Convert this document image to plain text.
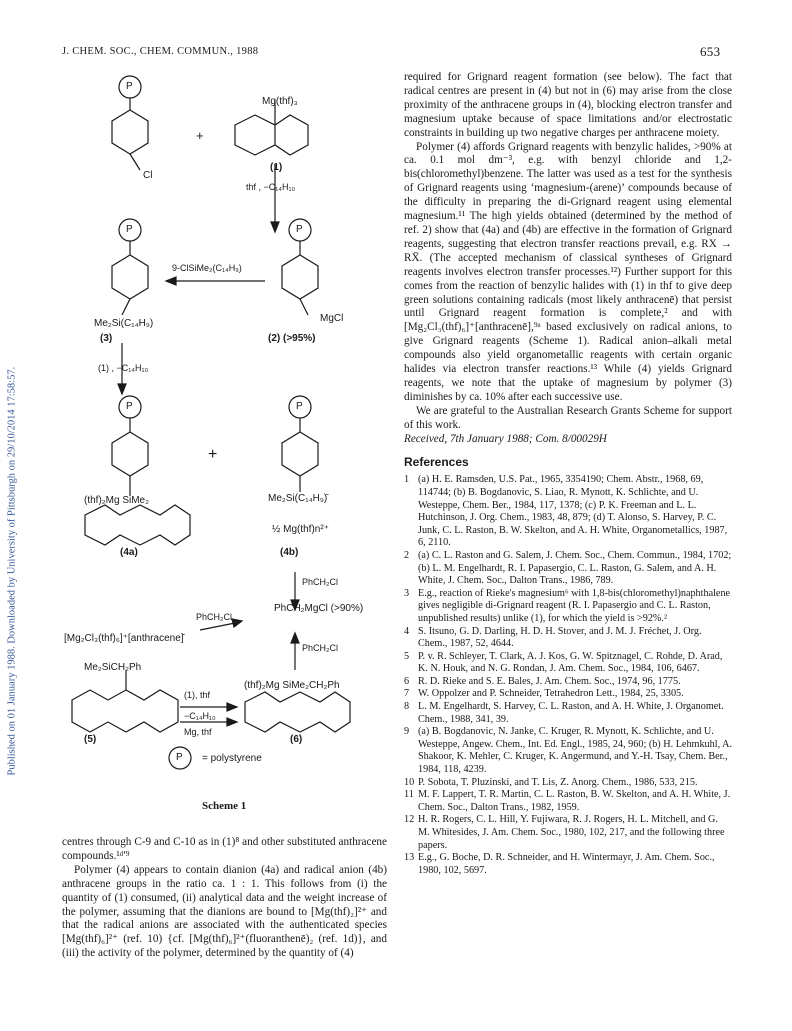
J. CHEM. SOC., CHEM. COMMUN., 1988	653
Published on 01 January 1988. Downloaded by University of Pittsburgh on 29/10/2014 17:58:57.
P
Mg(thf)₃
+
(1)
Cl
thf , −C₁₄H₁₀
P	P
9-ClSiMe₂(C₁₄H₉)
MgCl
Me₂Si(C₁₄H₉)
(3)	(2) (>95%)
(1) , −C₁₄H₁₀
P	P
+
(thf)₂Mg SiMe₂	Me₂Si(C₁₄H₉)̄
½ Mg(thf)n²⁺
(4a)	(4b)
PhCH₂Cl
PhCH₂Cl
PhCH₂MgCl (>90%)
[Mg₂Cl₃(thf)₆]⁺[anthracene]̄
PhCH₂Cl
Me₂SiCH₂Ph
(1), thf
−C₁₄H₁₀
Mg, thf
(thf)₂Mg SiMe₂CH₂Ph
(5)	(6)
P = polystyrene
Scheme 1

centres through C-9 and C-10 as in (1)⁸ and other substituted anthracene compounds.¹ᵈʹ⁹

Polymer (4) appears to contain dianion (4a) and radical anion (4b) anthracene groups in the ratio ca. 1 : 1. This follows from (i) the quantity of (1) consumed, (ii) analytical data and the weight increase of the polymer, assuming that the dianions are bound to [Mg(thf)₂]²⁺ and that the radical anions are associated with the authenticated species [Mg(thf)₆]²⁺ (ref. 10) {cf. [Mg(thf)₆]²⁺(fluoranthenē)₂ (ref. 1d)}, and (iii) the activity of the polymer, determined by the quantity of (4)

required for Grignard reagent formation (see below). The fact that radical centres are present in (4) but not in (6) may arise from the close proximity of the anthracene groups in (4), blocking electron transfer and magnesium uptake because of space limitations and/or electrostatic constraints in building up two negative charges per anthracene moiety.

Polymer (4) affords Grignard reagents with benzylic halides, >90% at ca. 0.1 mol dm⁻³, e.g. with benzyl chloride and 1,2-bis(chloromethyl)benzene. The latter was used as a test for the synthesis of Grignard reagents using ‘magnesium-(arene)’ compounds because of the difficulty in preparing the di-Grignard reagent using elemental magnesium.¹¹ The high yields obtained (determined by the method of ref. 2) show that (4a) and (4b) are effective in the formation of Grignard reagents, suggesting that electron transfer reactions prevail, e.g. RX → RX̄. (The accepted mechanism of classical syntheses of Grignard reagents involves electron transfer processes.¹²) Further support for this comes from the reaction of benzylic halides with (1) in thf to give deep green solutions containing radicals (most likely anthracenē) that persist until Grignard reagent formation is complete,² and with [Mg₂Cl₃(thf)₆]⁺[anthracenē],⁹ᵃ based exclusively on radical anions, to give Grignard reagents (Scheme 1). Radical anion–alkali metal compounds also yield organometallic reagents with certain organic halides via electron transfer reactions.¹³ While (4) yields Grignard reagents, we note that the uptake of magnesium by polymer (3) diminishes by ca. 10% after each successive use.

We are grateful to the Australian Research Grants Scheme for support of this work.

Received, 7th January 1988; Com. 8/00029H

References
1 (a) H. E. Ramsden, U.S. Pat., 1965, 3354190; Chem. Abstr., 1968, 69, 114744; (b) B. Bogdanovic, S. Liao, R. Mynott, K. Schlichte, and U. Westeppe, Chem. Ber., 1984, 117, 1378; (c) P. K. Freeman and L. L. Hutchinson, J. Org. Chem., 1983, 48, 879; (d) T. Alonso, S. Harvey, P. C. Junk, C. L. Raston, B. W. Skelton, and A. H. White, Organometallics, 1987, 6, 2110.
2 (a) C. L. Raston and G. Salem, J. Chem. Soc., Chem. Commun., 1984, 1702; (b) L. M. Engelhardt, R. I. Papasergio, C. L. Raston, G. Salem, and A. H. White, J. Chem. Soc., Dalton Trans., 1986, 789.
3 E.g., reaction of Rieke's magnesium⁶ with 1,8-bis(chloromethyl)naphthalene gives negligible di-Grignard reagent (R. I. Papasergio and C. L. Raston, unpublished results) unlike (1), for which the yield is >92%.²
4 S. Itsuno, G. D. Darling, H. D. H. Stover, and J. M. J. Fréchet, J. Org. Chem., 1987, 52, 4644.
5 P. v. R. Schleyer, T. Clark, A. J. Kos, G. W. Spitznagel, C. Rohde, D. Arad, K. N. Houk, and N. G. Rondan, J. Am. Chem. Soc., 1984, 106, 6467.
6 R. D. Rieke and S. E. Bales, J. Am. Chem. Soc., 1974, 96, 1775.
7 W. Oppolzer and P. Schneider, Tetrahedron Lett., 1984, 25, 3305.
8 L. M. Engelhardt, S. Harvey, C. L. Raston, and A. H. White, J. Organomet. Chem., 1988, 341, 39.
9 (a) B. Bogdanovic, N. Janke, C. Kruger, R. Mynott, K. Schlichte, and U. Westeppe, Angew. Chem., Int. Ed. Engl., 1985, 24, 960; (b) H. Lehmkuhl, A. Shakoor, K. Mehler, C. Kruger, K. Angermund, and Y.-H. Tsay, Chem. Ber., 1984, 118, 4239.
10 P. Sobota, T. Pluzinski, and T. Lis, Z. Anorg. Chem., 1986, 533, 215.
11 M. F. Lappert, T. R. Martin, C. L. Raston, B. W. Skelton, and A. H. White, J. Chem. Soc., Dalton Trans., 1982, 1959.
12 H. R. Rogers, C. L. Hill, Y. Fujiwara, R. J. Rogers, H. L. Mitchell, and G. M. Whitesides, J. Am. Chem. Soc., 1980, 102, 217, and the following three papers.
13 E.g., G. Boche, D. R. Schneider, and H. Wintermayr, J. Am. Chem. Soc., 1980, 102, 5697.
